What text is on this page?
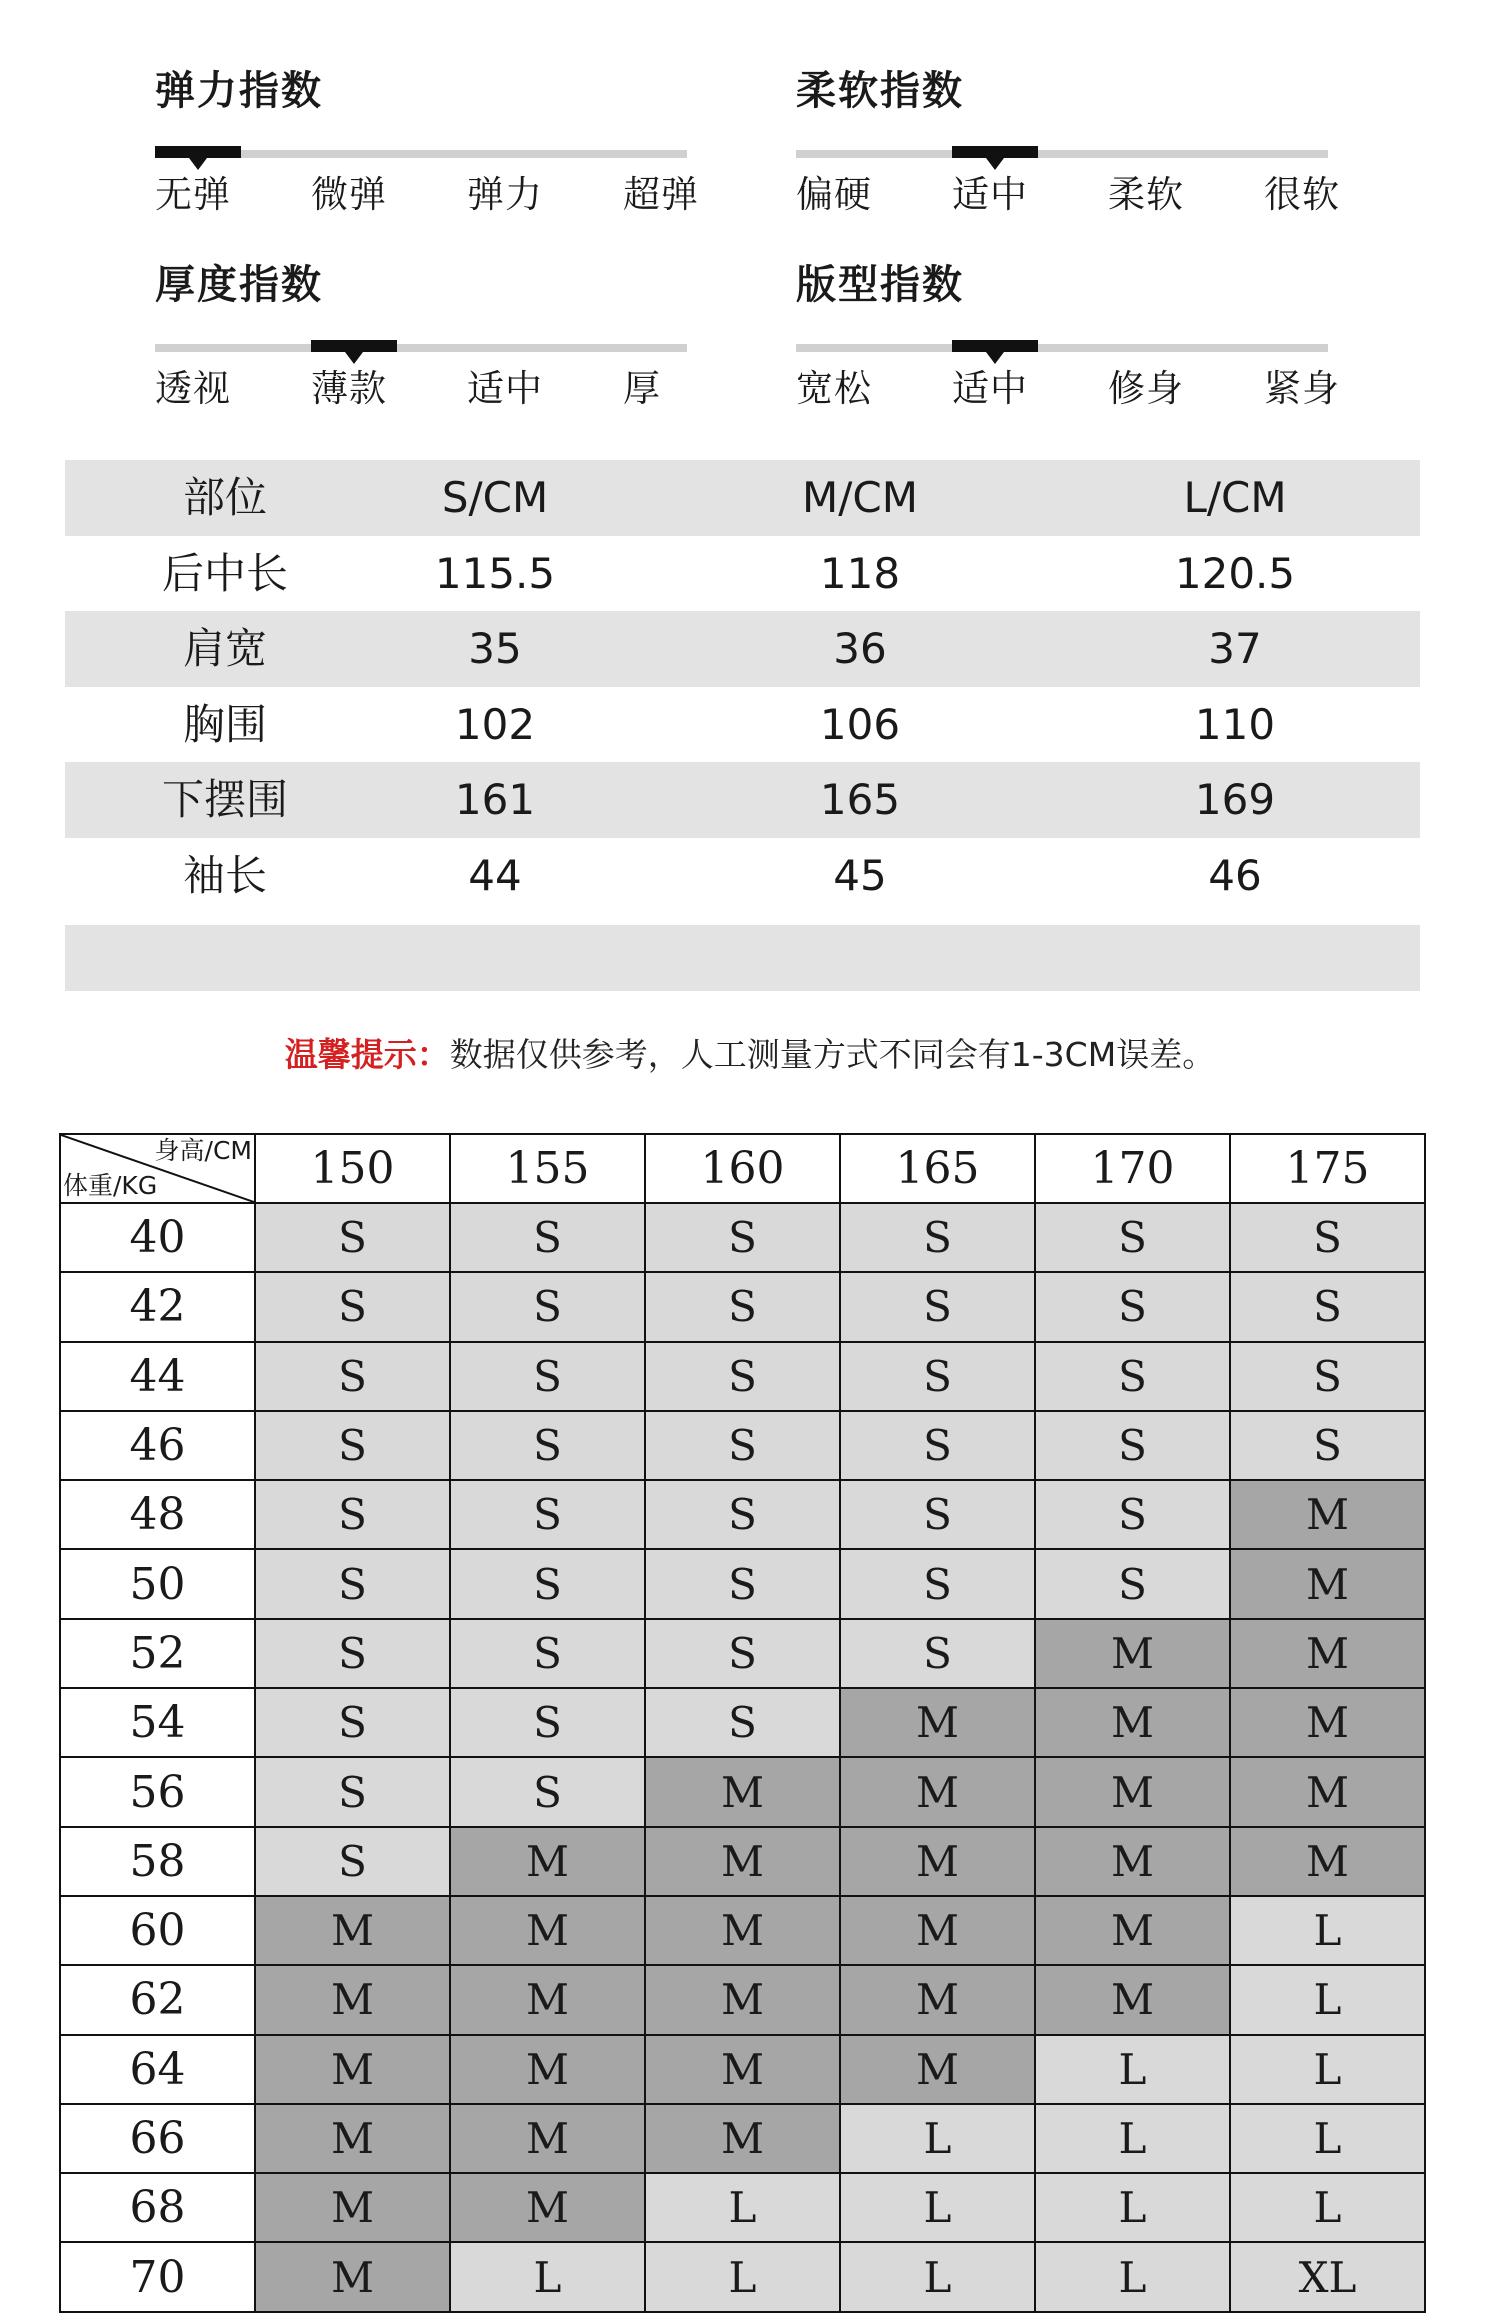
弹力指数
无弹 微弹 弹力 超弹
柔软指数
偏硬 适中 柔软 很软
厚度指数
透视 薄款 适中 厚
版型指数
宽松 适中 修身 紧身
部位	S/CM	M/CM	L/CM
后中长	115.5	118	120.5
肩宽	35	36	37
胸围	102	106	110
下摆围	161	165	169
袖长	44	45	46
温馨提示：数据仅供参考，人工测量方式不同会有1-3CM误差。
身高/CM
体重/KG	150	155	160	165	170	175
40	S	S	S	S	S	S
42	S	S	S	S	S	S
44	S	S	S	S	S	S
46	S	S	S	S	S	S
48	S	S	S	S	S	M
50	S	S	S	S	S	M
52	S	S	S	S	M	M
54	S	S	S	M	M	M
56	S	S	M	M	M	M
58	S	M	M	M	M	M
60	M	M	M	M	M	L
62	M	M	M	M	M	L
64	M	M	M	M	L	L
66	M	M	M	L	L	L
68	M	M	L	L	L	L
70	M	L	L	L	L	XL
